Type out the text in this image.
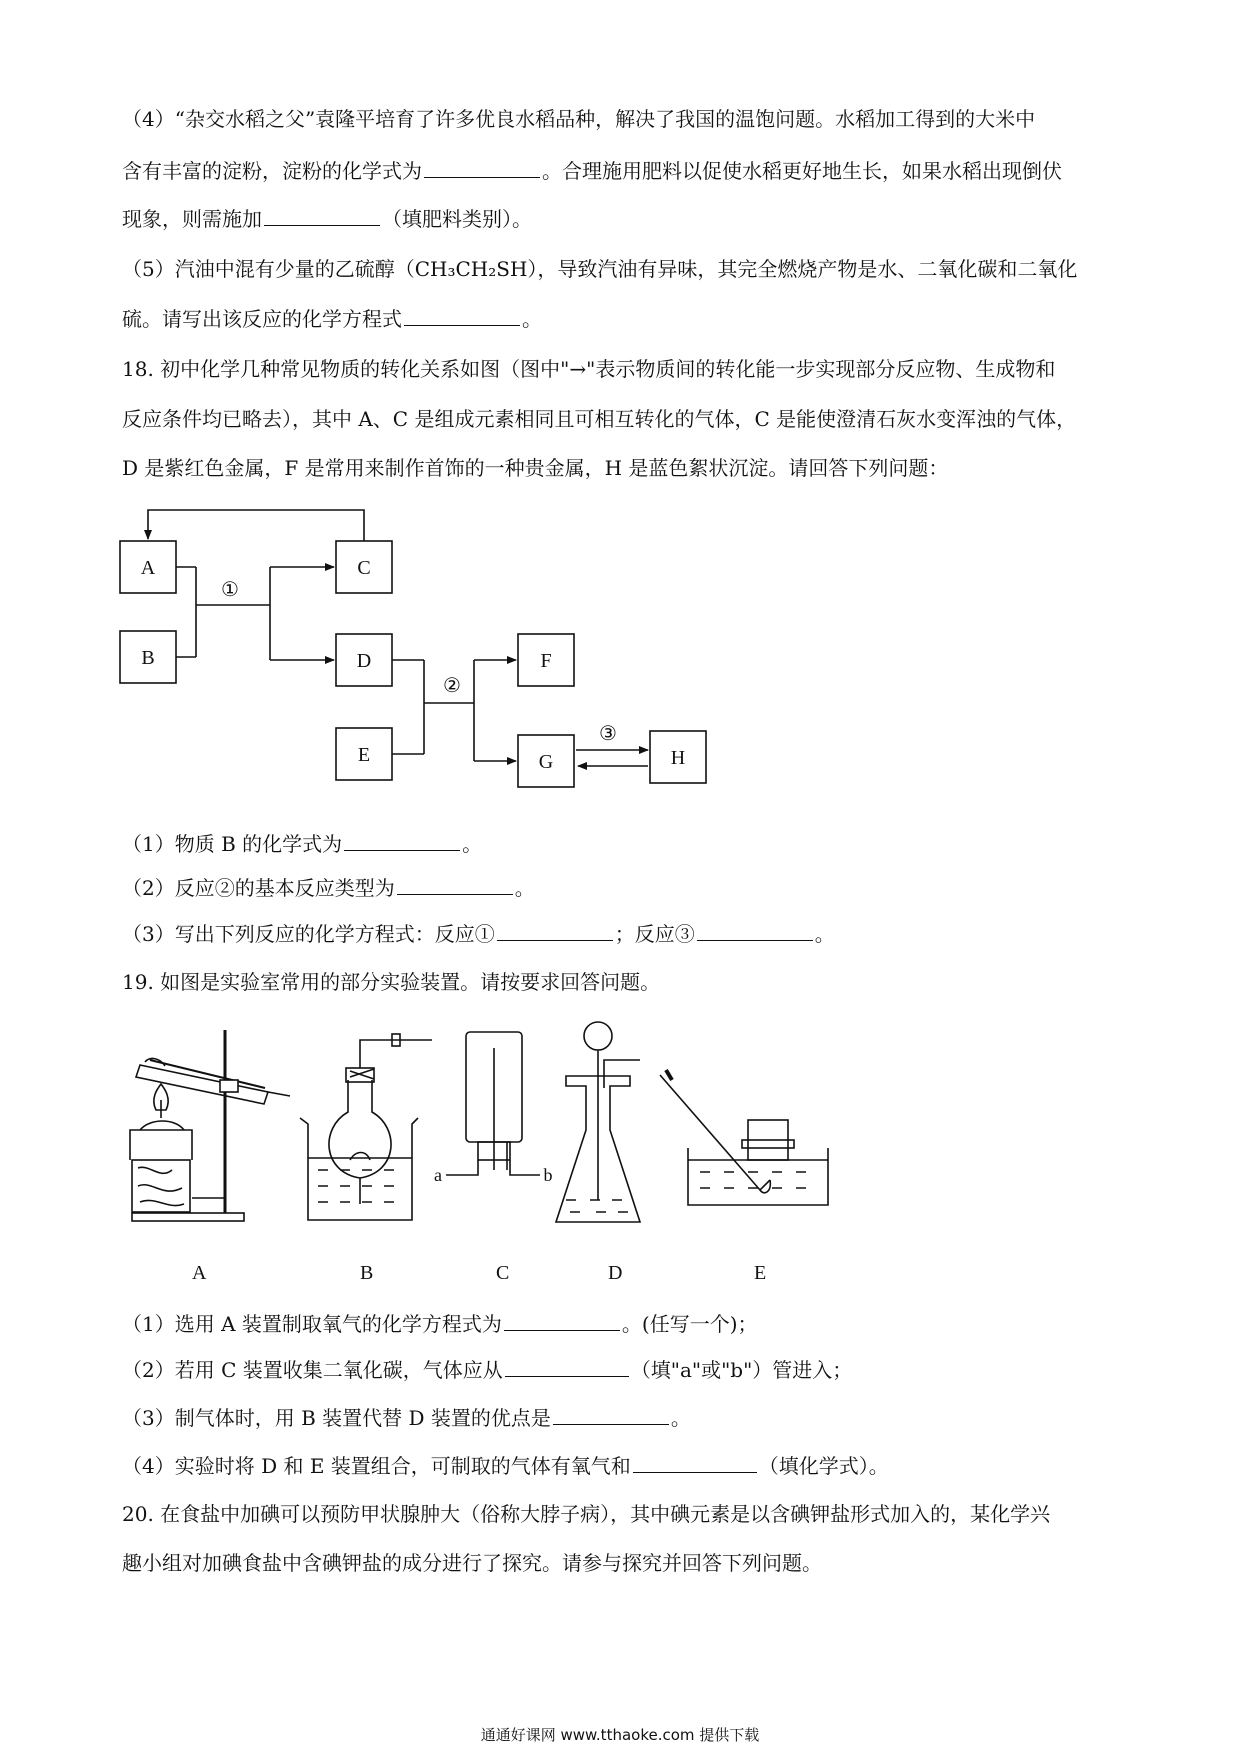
（4）“杂交水稻之父”袁隆平培育了许多优良水稻品种，解决了我国的温饱问题。水稻加工得到的大米中
含有丰富的淀粉，淀粉的化学式为	。合理施用肥料以促使水稻更好地生长，如果水稻出现倒伏
现象，则需施加	（填肥料类别）。
（5）汽油中混有少量的乙硫醇（CH₃CH₂SH），导致汽油有异味，其完全燃烧产物是水、二氧化碳和二氧化
硫。请写出该反应的化学方程式	。
18. 初中化学几种常见物质的转化关系如图（图中"→"表示物质间的转化能一步实现部分反应物、生成物和
反应条件均已略去），其中 A、C 是组成元素相同且可相互转化的气体，C 是能使澄清石灰水变浑浊的气体，
D 是紫红色金属，F 是常用来制作首饰的一种贵金属，H 是蓝色絮状沉淀。请回答下列问题：
A
B
C
D
E
F
G	H
①
②
③
（1）物质 B 的化学式为	。
（2）反应②的基本反应类型为	。
（3）写出下列反应的化学方程式：反应①	；反应③	。
19. 如图是实验室常用的部分实验装置。请按要求回答问题。
a	b
A	B	C	D	E
（1）选用 A 装置制取氧气的化学方程式为	。(任写一个)；
（2）若用 C 装置收集二氧化碳，气体应从	（填"a"或"b"）管进入；
（3）制气体时，用 B 装置代替 D 装置的优点是	。
（4）实验时将 D 和 E 装置组合，可制取的气体有氧气和	（填化学式）。
20. 在食盐中加碘可以预防甲状腺肿大（俗称大脖子病），其中碘元素是以含碘钾盐形式加入的，某化学兴
趣小组对加碘食盐中含碘钾盐的成分进行了探究。请参与探究并回答下列问题。
通通好课网 www.tthaoke.com 提供下载
